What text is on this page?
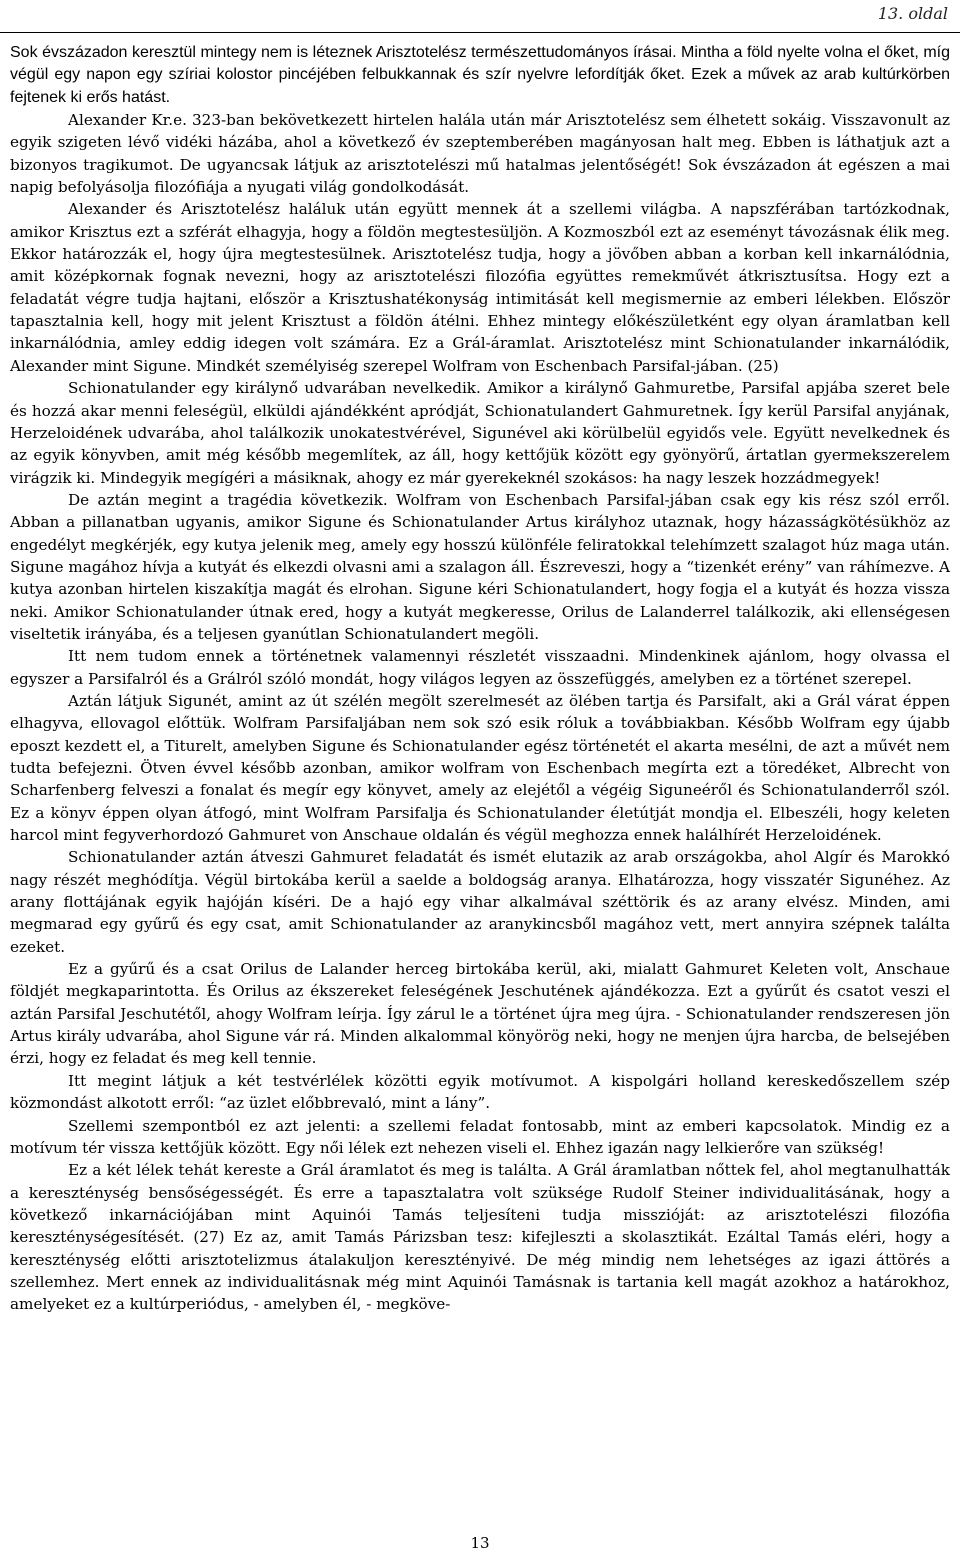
13. oldal

Sok évszázadon keresztül mintegy nem is léteznek Arisztotelész természettudományos írásai. Mintha a föld nyelte volna el őket, míg végül egy napon egy szíriai kolostor pincéjében felbukkannak és szír nyelvre lefordítják őket. Ezek a művek az arab kultúrkörben fejtenek ki erős hatást.

Alexander Kr.e. 323-ban bekövetkezett hirtelen halála után már Arisztotelész sem élhetett sokáig. Visszavonult az egyik szigeten lévő vidéki házába, ahol a következő év szeptemberében magányosan halt meg. Ebben is láthatjuk azt a bizonyos tragikumot. De ugyancsak látjuk az arisztotelészi mű hatalmas jelentőségét! Sok évszázadon át egészen a mai napig befolyásolja filozófiája a nyugati világ gondolkodását.

Alexander és Arisztotelész haláluk után együtt mennek át a szellemi világba. A napszférában tartózkodnak, amikor Krisztus ezt a szférát elhagyja, hogy a földön megtestesüljön. A Kozmoszból ezt az eseményt távozásnak élik meg. Ekkor határozzák el, hogy újra megtestesülnek. Arisztotelész tudja, hogy a jövőben abban a korban kell inkarnálódnia, amit középkornak fognak nevezni, hogy az arisztotelészi filozófia együttes remekművét átkrisztusítsa. Hogy ezt a feladatát végre tudja hajtani, először a Krisztushatékonyság intimitását kell megismernie az emberi lélekben. Először tapasztalnia kell, hogy mit jelent Krisztust a földön átélni. Ehhez mintegy előkészületként egy olyan áramlatban kell inkarnálódnia, amley eddig idegen volt számára. Ez a Grál-áramlat. Arisztotelész mint Schionatulander inkarnálódik, Alexander mint Sigune. Mindkét személyiség szerepel Wolfram von Eschenbach Parsifal-jában. (25)

Schionatulander egy királynő udvarában nevelkedik. Amikor a királynő Gahmuretbe, Parsifal apjába szeret bele és hozzá akar menni feleségül, elküldi ajándékként apródját, Schionatulandert Gahmuretnek. Így kerül Parsifal anyjának, Herzeloidének udvarába, ahol találkozik unokatestvérével, Sigunével aki körülbelül egyidős vele. Együtt nevelkednek és az egyik könyvben, amit még később megemlítek, az áll, hogy kettőjük között egy gyönyörű, ártatlan gyermekszerelem virágzik ki. Mindegyik megígéri a másiknak, ahogy ez már gyerekeknél szokásos: ha nagy leszek hozzádmegyek!

De aztán megint a tragédia következik. Wolfram von Eschenbach Parsifal-jában csak egy kis rész szól erről. Abban a pillanatban ugyanis, amikor Sigune és Schionatulander Artus királyhoz utaznak, hogy házasságkötésükhöz az engedélyt megkérjék, egy kutya jelenik meg, amely egy hosszú különféle feliratokkal telehímzett szalagot húz maga után. Sigune magához hívja a kutyát és elkezdi olvasni ami a szalagon áll. Észreveszi, hogy a “tizenkét erény” van ráhímezve. A kutya azonban hirtelen kiszakítja magát és elrohan. Sigune kéri Schionatulandert, hogy fogja el a kutyát és hozza vissza neki. Amikor Schionatulander útnak ered, hogy a kutyát megkeresse, Orilus de Lalanderrel találkozik, aki ellenségesen viseltetik irányába, és a teljesen gyanútlan Schionatulandert megöli.

Itt nem tudom ennek a történetnek valamennyi részletét visszaadni. Mindenkinek ajánlom, hogy olvassa el egyszer a Parsifalról és a Grálról szóló mondát, hogy világos legyen az összefüggés, amelyben ez a történet szerepel.

Aztán látjuk Sigunét, amint az út szélén megölt szerelmesét az ölében tartja és Parsifalt, aki a Grál várat éppen elhagyva, ellovagol előttük. Wolfram Parsifaljában nem sok szó esik róluk a továbbiakban. Később Wolfram egy újabb eposzt kezdett el, a Titurelt, amelyben Sigune és Schionatulander egész történetét el akarta mesélni, de azt a művét nem tudta befejezni. Ötven évvel később azonban, amikor wolfram von Eschenbach megírta ezt a töredéket, Albrecht von Scharfenberg felveszi a fonalat és megír egy könyvet, amely az elejétől a végéig Siguneéről és Schionatulanderről szól. Ez a könyv éppen olyan átfogó, mint Wolfram Parsifalja és Schionatulander életútját mondja el. Elbeszéli, hogy keleten harcol mint fegyverhordozó Gahmuret von Anschaue oldalán és végül meghozza ennek halálhírét Herzeloidének.

Schionatulander aztán átveszi Gahmuret feladatát és ismét elutazik az arab országokba, ahol Algír és Marokkó nagy részét meghódítja. Végül birtokába kerül a saelde a boldogság aranya. Elhatározza, hogy visszatér Sigunéhez. Az arany flottájának egyik hajóján kíséri. De a hajó egy vihar alkalmával széttörik és az arany elvész. Minden, ami megmarad egy gyűrű és egy csat, amit Schionatulander az aranykincsből magához vett, mert annyira szépnek találta ezeket.

Ez a gyűrű és a csat Orilus de Lalander herceg birtokába kerül, aki, mialatt Gahmuret Keleten volt, Anschaue földjét megkaparintotta. És Orilus az ékszereket feleségének Jeschutének ajándékozza. Ezt a gyűrűt és csatot veszi el aztán Parsifal Jeschutétől, ahogy Wolfram leírja. Így zárul le a történet újra meg újra. - Schionatulander rendszeresen jön Artus király udvarába, ahol Sigune vár rá. Minden alkalommal könyörög neki, hogy ne menjen újra harcba, de belsejében érzi, hogy ez feladat és meg kell tennie.

Itt megint látjuk a két testvérlélek közötti egyik motívumot. A kispolgári holland kereskedőszellem szép közmondást alkotott erről: “az üzlet előbbrevaló, mint a lány”.

Szellemi szempontból ez azt jelenti: a szellemi feladat fontosabb, mint az emberi kapcsolatok. Mindig ez a motívum tér vissza kettőjük között. Egy női lélek ezt nehezen viseli el. Ehhez igazán nagy lelkierőre van szükség!

Ez a két lélek tehát kereste a Grál áramlatot és meg is találta. A Grál áramlatban nőttek fel, ahol megtanulhatták a kereszténység bensőségességét. És erre a tapasztalatra volt szüksége Rudolf Steiner individualitásának, hogy a következő inkarnációjában mint Aquinói Tamás teljesíteni tudja misszióját: az arisztotelészi filozófia kereszténységesítését. (27) Ez az, amit Tamás Párizsban tesz: kifejleszti a skolasztikát. Ezáltal Tamás eléri, hogy a kereszténység előtti arisztotelizmus átalakuljon keresztényivé. De még mindig nem lehetséges az igazi áttörés a szellemhez. Mert ennek az individualitásnak még mint Aquinói Tamásnak is tartania kell magát azokhoz a határokhoz, amelyeket ez a kultúrperiódus, - amelyben él, - megköve-

13
